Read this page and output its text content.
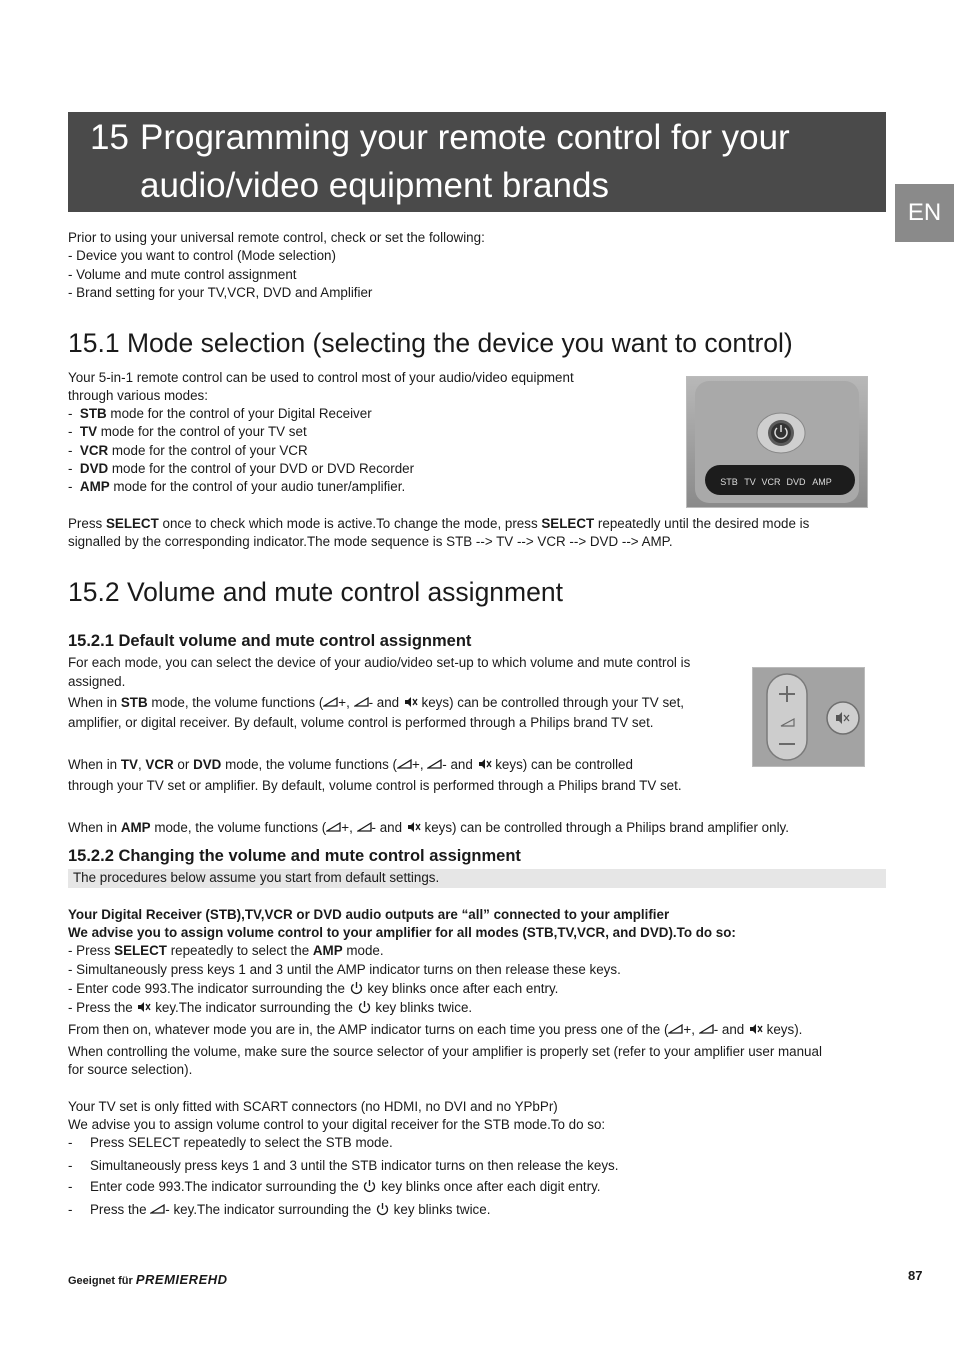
15 Programming your remote control for your
audio/video equipment brands
EN
Prior to using your universal remote control, check or set the following:
- Device you want to control (Mode selection)
- Volume and mute control assignment
- Brand setting for your TV,VCR, DVD and Amplifier
15.1 Mode selection (selecting the device you want to control)
Your 5-in-1 remote control can be used to control most of your audio/video equipment
through various modes:
-  STB mode for the control of your Digital Receiver
-  TV mode for the control of your TV set
-  VCR mode for the control of your VCR
-  DVD mode for the control of your DVD or DVD Recorder
-  AMP mode for the control of your audio tuner/amplifier.	STB TV VCR DVD AMP
Press SELECT once to check which mode is active.To change the mode, press SELECT repeatedly until the desired mode is
signalled by the corresponding indicator.The mode sequence is STB --> TV --> VCR --> DVD --> AMP.
15.2 Volume and mute control assignment
15.2.1 Default volume and mute control assignment
For each mode, you can select the device of your audio/video set-up to which volume and mute control is
assigned.
When in STB mode, the volume functions ( +, - and  keys) can be controlled through your TV set,
amplifier, or digital receiver. By default, volume control is performed through a Philips brand TV set.
When in TV, VCR or DVD mode, the volume functions ( +, - and  keys) can be controlled
through your TV set or amplifier. By default, volume control is performed through a Philips brand TV set.
When in AMP mode, the volume functions ( +, - and  keys) can be controlled through a Philips brand amplifier only.
15.2.2 Changing the volume and mute control assignment
The procedures below assume you start from default settings.
Your Digital Receiver (STB),TV,VCR or DVD audio outputs are “all” connected to your amplifier
We advise you to assign volume control to your amplifier for all modes (STB,TV,VCR, and DVD).To do so:
- Press SELECT repeatedly to select the AMP mode.
- Simultaneously press keys 1 and 3 until the AMP indicator turns on then release these keys.
- Enter code 993.The indicator surrounding the  key blinks once after each entry.
- Press the  key.The indicator surrounding the  key blinks twice.
From then on, whatever mode you are in, the AMP indicator turns on each time you press one of the ( +, - and  keys).
When controlling the volume, make sure the source selector of your amplifier is properly set (refer to your amplifier user manual
for source selection).
Your TV set is only fitted with SCART connectors (no HDMI, no DVI and no YPbPr)
We advise you to assign volume control to your digital receiver for the STB mode.To do so:
- Press SELECT repeatedly to select the STB mode.
- Simultaneously press keys 1 and 3 until the STB indicator turns on then release the keys.
- Enter code 993.The indicator surrounding the  key blinks once after each digit entry.
- Press the - key.The indicator surrounding the  key blinks twice.
Geeignet für PREMIEREHD	87
